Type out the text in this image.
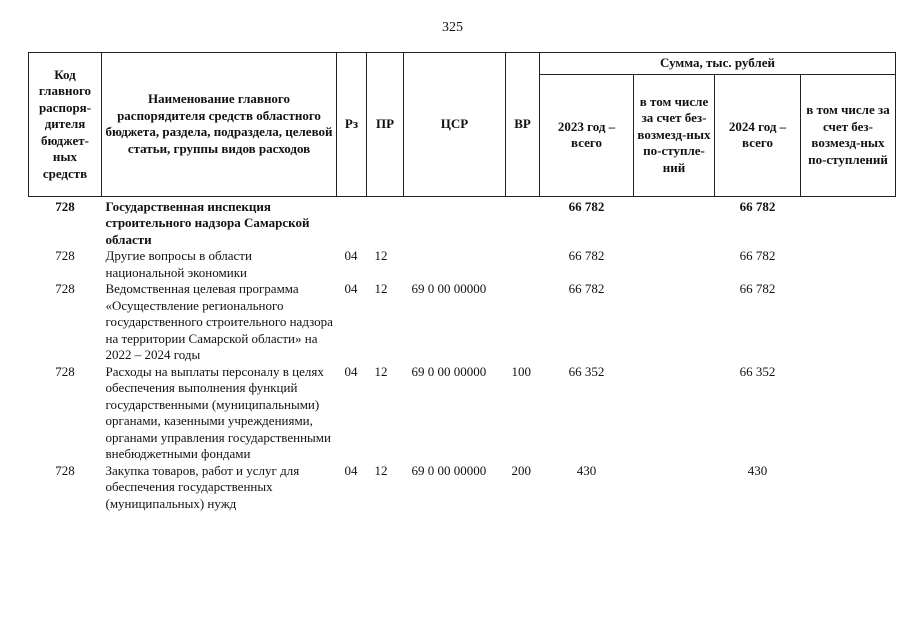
325
Код главного распоря-дителя бюджет-ных средств	Наименование главного распорядителя средств областного бюджета, раздела, подраздела, целевой статьи, группы видов расходов	Рз	ПР	ЦСР	ВР	Сумма, тыс. рублей			
						2023 год – всего	в том числе за счет без-возмезд-ных по-ступле-ний	2024 год – всего	в том числе за счет без-возмезд-ных по-ступлений
728	Государственная инспекция строительного надзора Самарской области					66 782		66 782	
728	Другие вопросы в области национальной экономики	04	12			66 782		66 782	
728	Ведомственная целевая программа «Осуществление регионального государственного строительного надзора на территории Самарской области» на 2022 – 2024 годы	04	12	69 0 00 00000		66 782		66 782	
728	Расходы на выплаты персоналу в целях обеспечения выполнения функций государственными (муниципальными) органами, казенными учреждениями, органами управления государственными внебюджетными фондами	04	12	69 0 00 00000	100	66 352		66 352	
728	Закупка товаров, работ и услуг для обеспечения государственных (муниципальных) нужд	04	12	69 0 00 00000	200	430		430	
